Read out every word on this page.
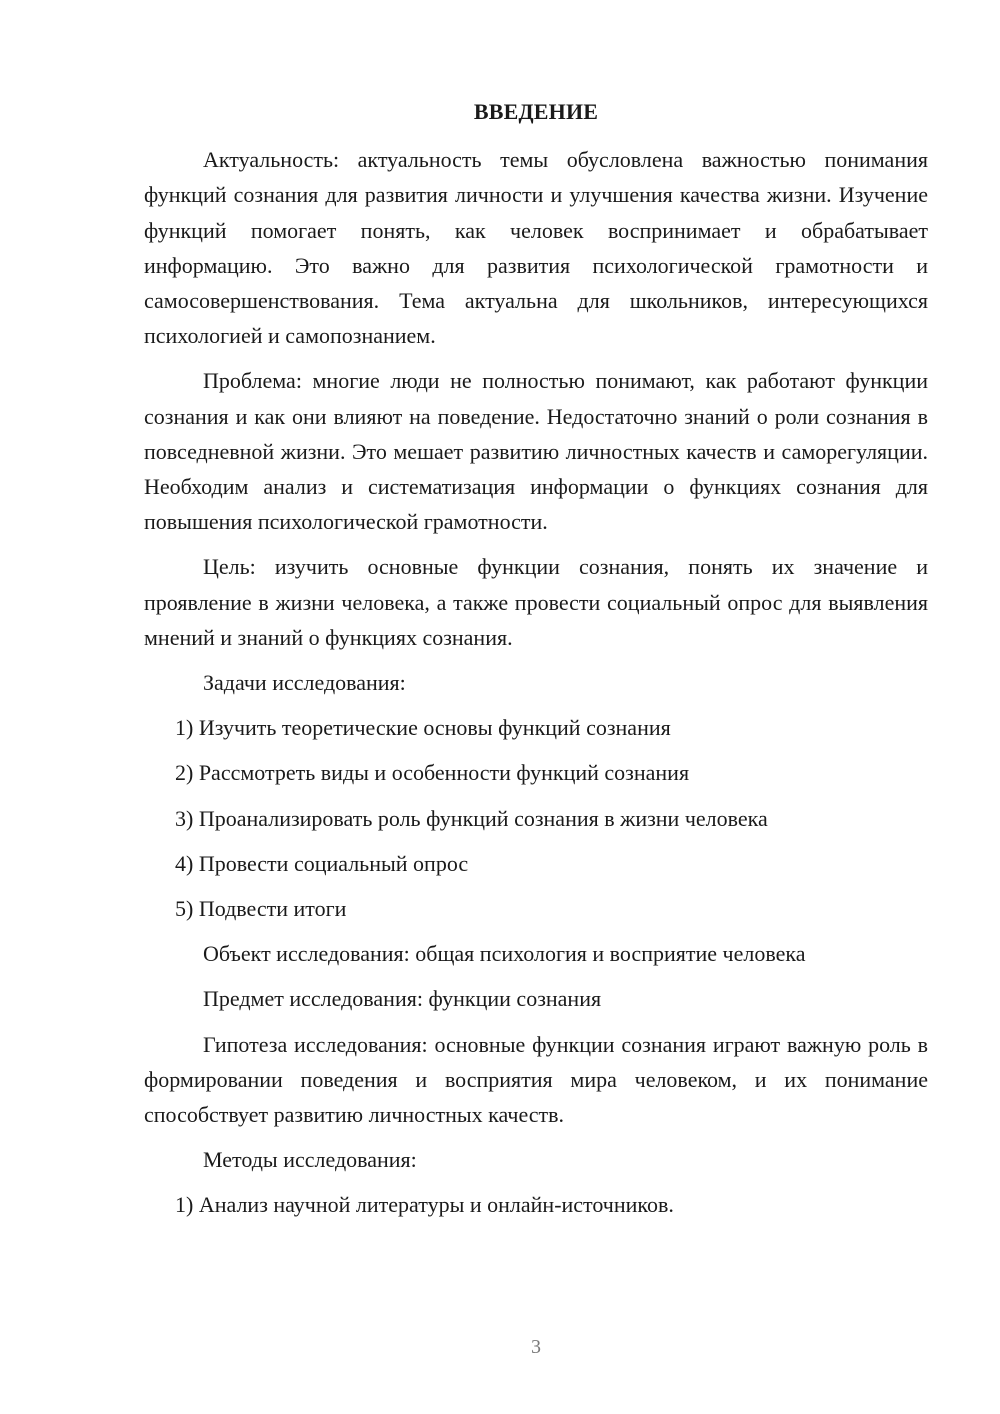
ВВЕДЕНИЕ

Актуальность: актуальность темы обусловлена важностью понимания функций сознания для развития личности и улучшения качества жизни. Изучение функций помогает понять, как человек воспринимает и обрабатывает информацию. Это важно для развития психологической грамотности и самосовершенствования. Тема актуальна для школьников, интересующихся психологией и самопознанием.

Проблема: многие люди не полностью понимают, как работают функции сознания и как они влияют на поведение. Недостаточно знаний о роли сознания в повседневной жизни. Это мешает развитию личностных качеств и саморегуляции. Необходим анализ и систематизация информации о функциях сознания для повышения психологической грамотности.

Цель: изучить основные функции сознания, понять их значение и проявление в жизни человека, а также провести социальный опрос для выявления мнений и знаний о функциях сознания.

Задачи исследования:
1) Изучить теоретические основы функций сознания
2) Рассмотреть виды и особенности функций сознания
3) Проанализировать роль функций сознания в жизни человека
4) Провести социальный опрос
5) Подвести итоги
Объект исследования: общая психология и восприятие человека
Предмет исследования: функции сознания

Гипотеза исследования: основные функции сознания играют важную роль в формировании поведения и восприятия мира человеком, и их понимание способствует развитию личностных качеств.

Методы исследования:
1) Анализ научной литературы и онлайн-источников.
3
